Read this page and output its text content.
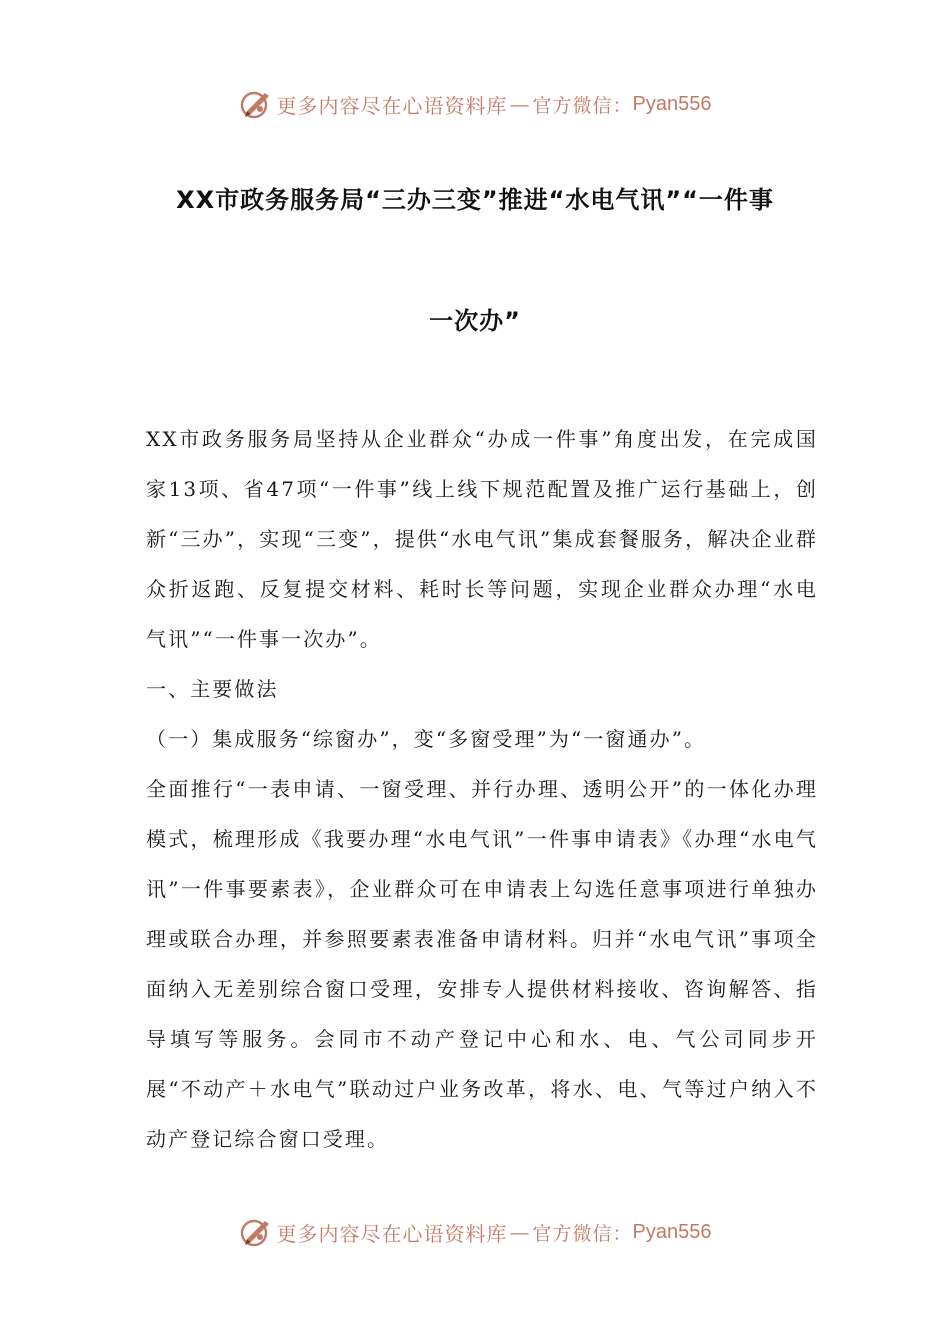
更多内容尽在心语资料库 — 官方微信： Pyan556
XX市政务服务局“三办三变”推进“水电气讯”“一件事
一次办”

XX市政务服务局坚持从企业群众“办成一件事”角度出发，在完成国家13项、省47项“一件事”线上线下规范配置及推广运行基础上，创新“三办”，实现“三变”，提供“水电气讯”集成套餐服务，解决企业群众折返跑、反复提交材料、耗时长等问题，实现企业群众办理“水电气讯”“一件事一次办”。

一、主要做法

（一）集成服务“综窗办”，变“多窗受理”为“一窗通办”。

全面推行“一表申请、一窗受理、并行办理、透明公开”的一体化办理模式，梳理形成《我要办理“水电气讯”一件事申请表》《办理“水电气讯”一件事要素表》，企业群众可在申请表上勾选任意事项进行单独办理或联合办理，并参照要素表准备申请材料。归并“水电气讯”事项全面纳入无差别综合窗口受理，安排专人提供材料接收、咨询解答、指导填写等服务。会同市不动产登记中心和水、电、气公司同步开展“不动产＋水电气”联动过户业务改革，将水、电、气等过户纳入不动产登记综合窗口受理。

更多内容尽在心语资料库 — 官方微信： Pyan556
